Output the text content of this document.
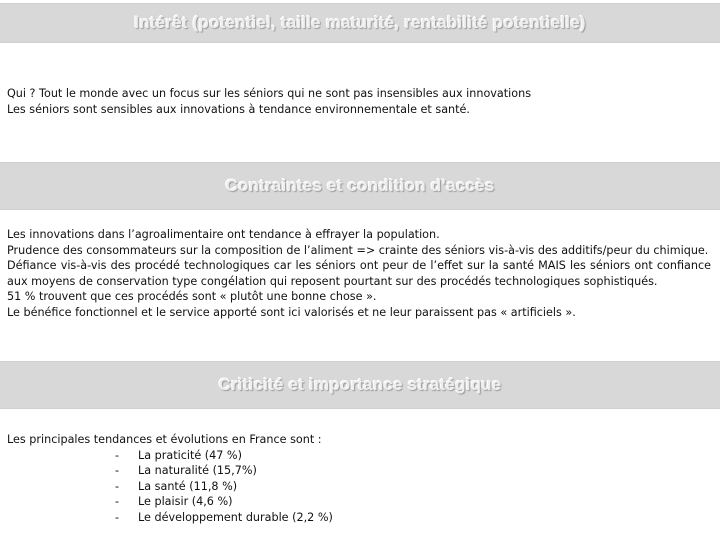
Intérêt (potentiel, taille maturité, rentabilité potentielle)

Qui ? Tout le monde avec un focus sur les séniors qui ne sont pas insensibles aux innovations

Les séniors sont sensibles aux innovations à tendance environnementale et santé.

Contraintes et condition d’accès

Les innovations dans l’agroalimentaire ont tendance à effrayer la population.

Prudence des consommateurs sur la composition de l’aliment => crainte des séniors vis-à-vis des additifs/peur du chimique.

Défiance vis-à-vis des procédé technologiques car les séniors ont peur de l’effet sur la santé MAIS les séniors ont confiance aux moyens de conservation type congélation qui reposent pourtant sur des procédés technologiques sophistiqués.

51 % trouvent que ces procédés sont « plutôt une bonne chose ».

Le bénéfice fonctionnel et le service apporté sont ici valorisés et ne leur paraissent pas « artificiels ».

Criticité et importance stratégique

Les principales tendances et évolutions en France sont :

- La praticité (47 %)
- La naturalité (15,7%)
- La santé (11,8 %)
- Le plaisir (4,6 %)
- Le développement durable (2,2 %)
